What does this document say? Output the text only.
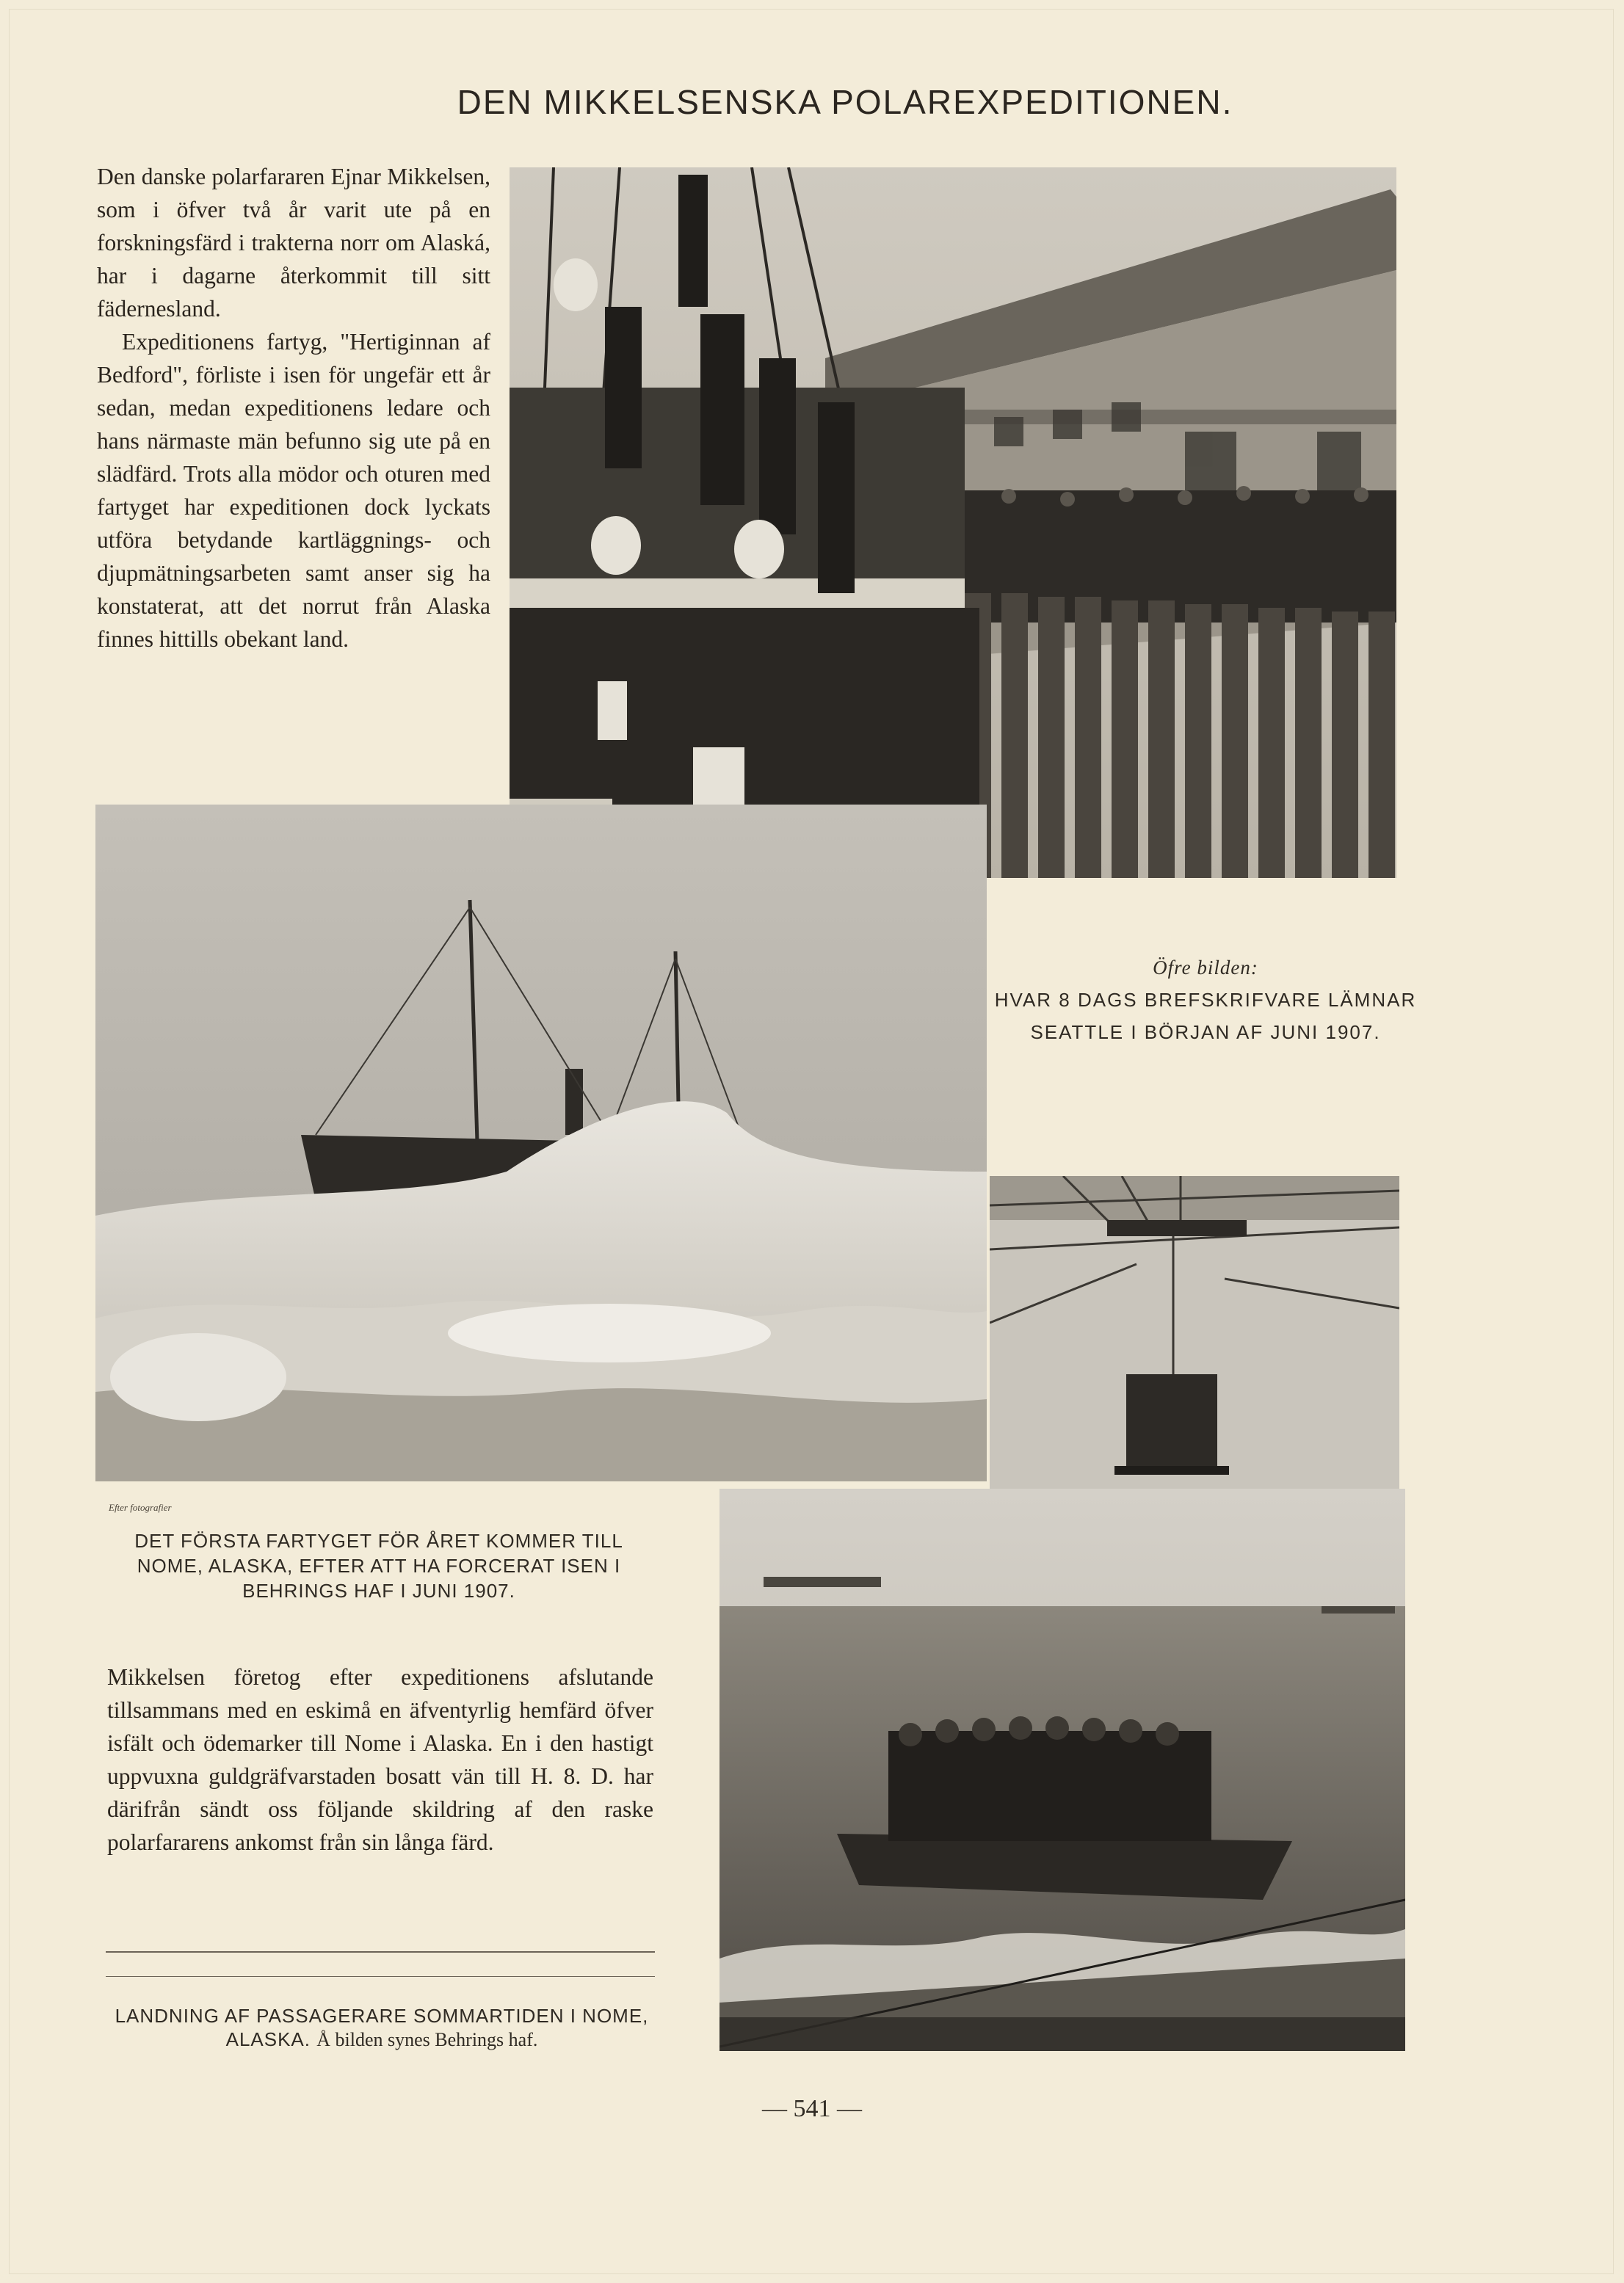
DEN MIKKELSENSKA POLAREXPEDITIONEN.

Den danske polarfararen Ejnar Mikkelsen, som i öfver två år varit ute på en forskningsfärd i trakterna norr om Alaská, har i dagarne återkommit till sitt fädernesland.

Expeditionens fartyg, "Hertiginnan af Bedford", förliste i isen för ungefär ett år sedan, medan expeditionens ledare och hans närmaste män befunno sig ute på en slädfärd. Trots alla mödor och oturen med fartyget har expeditionen dock lyckats utföra betydande kartläggnings- och djupmätningsarbeten samt anser sig ha konstaterat, att det norrut från Alaska finnes hittills obekant land.

Öfre bilden:
HVAR 8 DAGS BREFSKRIFVARE LÄMNAR SEATTLE I BÖRJAN AF JUNI 1907.
Efter fotografier
DET FÖRSTA FARTYGET FÖR ÅRET KOMMER TILL NOME, ALASKA, EFTER ATT HA FORCERAT ISEN I BEHRINGS HAF I JUNI 1907.
Mikkelsen företog efter expeditionens afslutande tillsammans med en eskimå en äfventyrlig hemfärd öfver isfält och ödemarker till Nome i Alaska. En i den hastigt uppvuxna guldgräfvarstaden bosatt vän till H. 8. D. har därifrån sändt oss följande skildring af den raske polarfararens ankomst från sin långa färd.
LANDNING AF PASSAGERARE SOMMARTIDEN I NOME, ALASKA. Å bilden synes Behrings haf.
— 541 —
